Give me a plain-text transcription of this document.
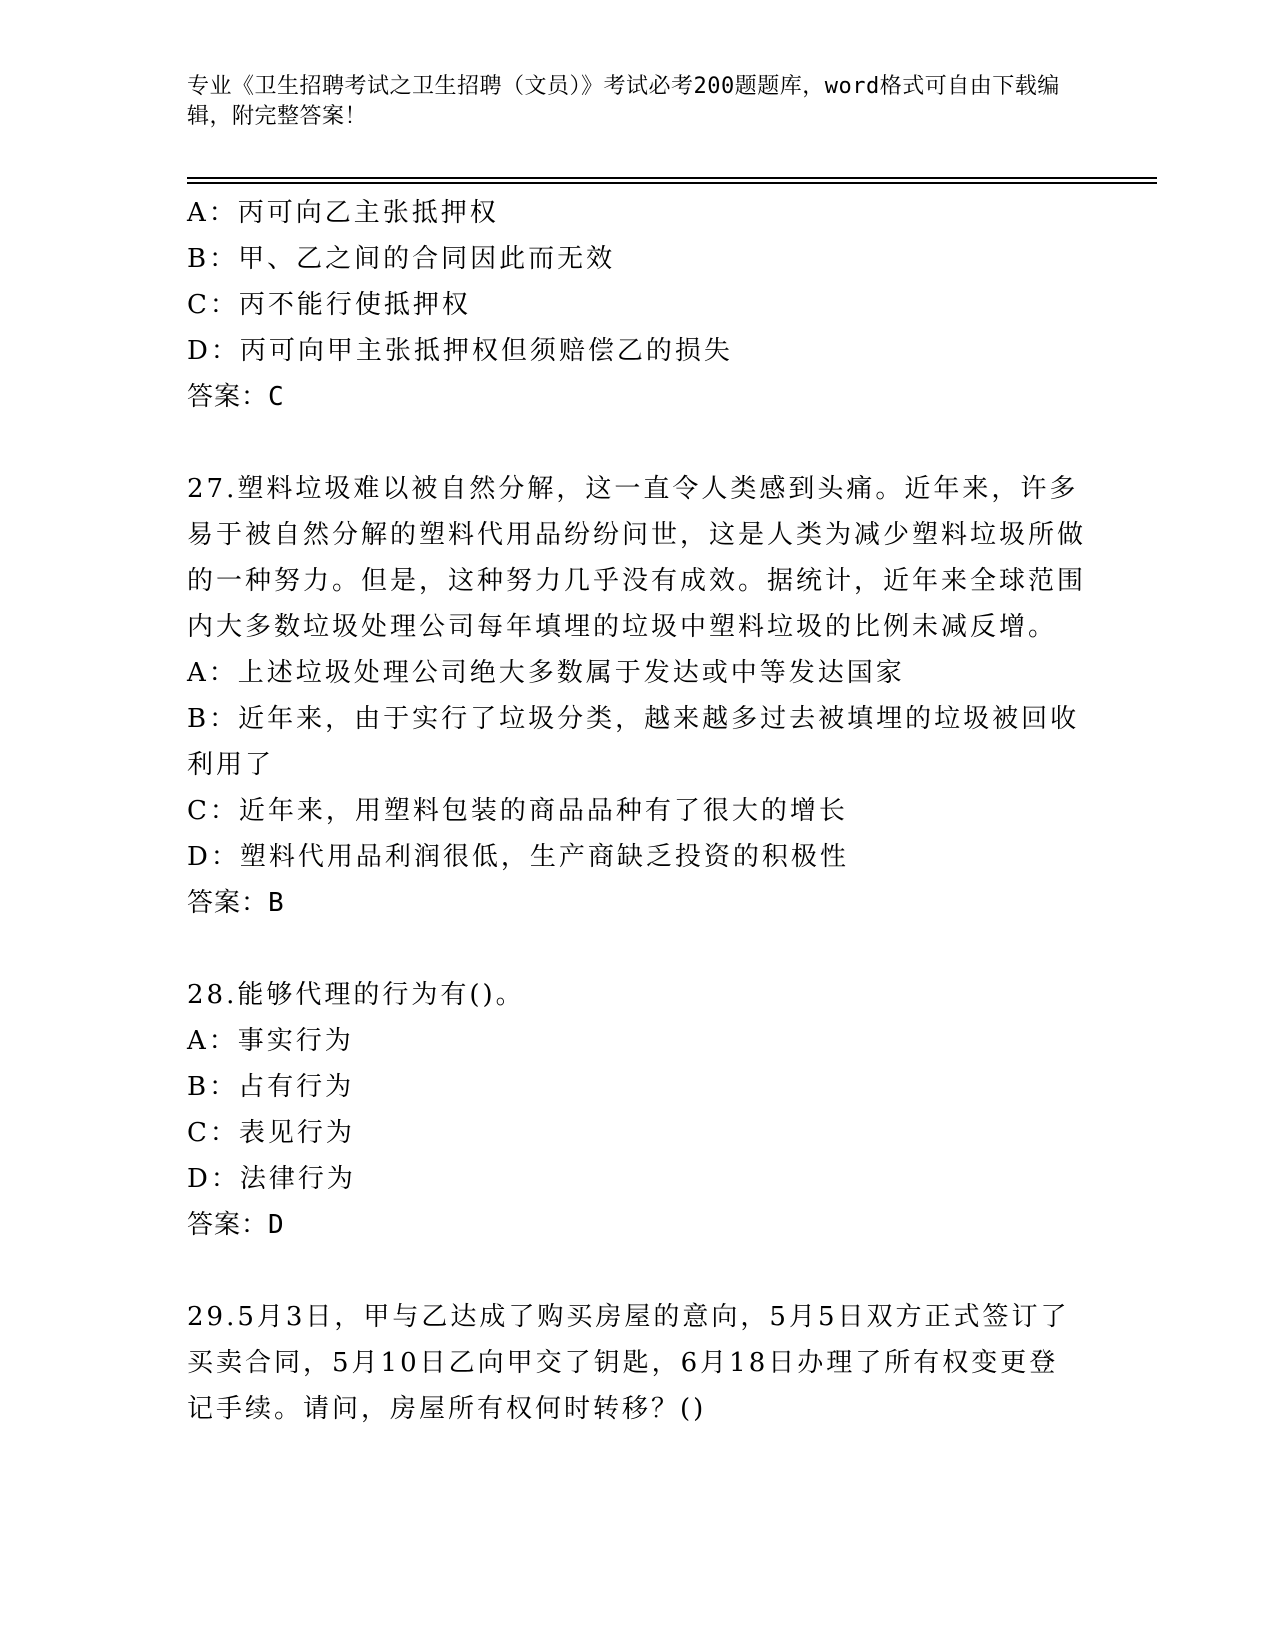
专业《卫生招聘考试之卫生招聘（文员）》考试必考200题题库，word格式可自由下载编辑，附完整答案！
A：丙可向乙主张抵押权
B：甲、乙之间的合同因此而无效
C：丙不能行使抵押权
D：丙可向甲主张抵押权但须赔偿乙的损失
答案：C

27.塑料垃圾难以被自然分解，这一直令人类感到头痛。近年来，许多易于被自然分解的塑料代用品纷纷问世，这是人类为减少塑料垃圾所做的一种努力。但是，这种努力几乎没有成效。据统计，近年来全球范围内大多数垃圾处理公司每年填埋的垃圾中塑料垃圾的比例未减反增。

A：上述垃圾处理公司绝大多数属于发达或中等发达国家
B：近年来，由于实行了垃圾分类，越来越多过去被填埋的垃圾被回收利用了
C：近年来，用塑料包装的商品品种有了很大的增长
D：塑料代用品利润很低，生产商缺乏投资的积极性
答案：B

28.能够代理的行为有()。

A：事实行为
B：占有行为
C：表见行为
D：法律行为
答案：D

29.5月3日，甲与乙达成了购买房屋的意向，5月5日双方正式签订了买卖合同，5月10日乙向甲交了钥匙，6月18日办理了所有权变更登记手续。请问，房屋所有权何时转移？()
